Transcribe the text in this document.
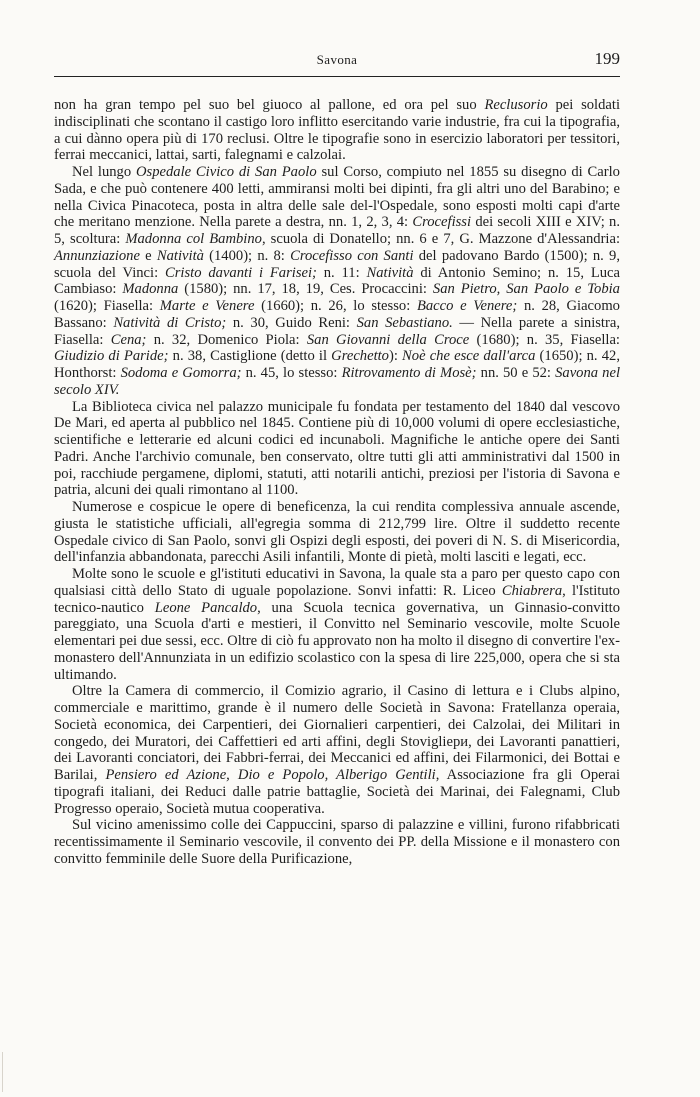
Savona	199

non ha gran tempo pel suo bel giuoco al pallone, ed ora pel suo Reclusorio pei soldati indisciplinati che scontano il castigo loro inflitto esercitando varie industrie, fra cui la tipografia, a cui dànno opera più di 170 reclusi. Oltre le tipografie sono in esercizio laboratori per tessitori, ferrai meccanici, lattai, sarti, falegnami e calzolai.

Nel lungo Ospedale Civico di San Paolo sul Corso, compiuto nel 1855 su disegno di Carlo Sada, e che può contenere 400 letti, ammiransi molti bei dipinti, fra gli altri uno del Barabino; e nella Civica Pinacoteca, posta in altra delle sale del-l'Ospedale, sono esposti molti capi d'arte che meritano menzione. Nella parete a destra, nn. 1, 2, 3, 4: Crocefissi dei secoli XIII e XIV; n. 5, scoltura: Madonna col Bambino, scuola di Donatello; nn. 6 e 7, G. Mazzone d'Alessandria: Annunziazione e Natività (1400); n. 8: Crocefisso con Santi del padovano Bardo (1500); n. 9, scuola del Vinci: Cristo davanti i Farisei; n. 11: Natività di Antonio Semino; n. 15, Luca Cambiaso: Madonna (1580); nn. 17, 18, 19, Ces. Procaccini: San Pietro, San Paolo e Tobia (1620); Fiasella: Marte e Venere (1660); n. 26, lo stesso: Bacco e Venere; n. 28, Giacomo Bassano: Natività di Cristo; n. 30, Guido Reni: San Sebastiano. — Nella parete a sinistra, Fiasella: Cena; n. 32, Domenico Piola: San Giovanni della Croce (1680); n. 35, Fiasella: Giudizio di Paride; n. 38, Castiglione (detto il Grechetto): Noè che esce dall'arca (1650); n. 42, Honthorst: Sodoma e Gomorra; n. 45, lo stesso: Ritrovamento di Mosè; nn. 50 e 52: Savona nel secolo XIV.

La Biblioteca civica nel palazzo municipale fu fondata per testamento del 1840 dal vescovo De Mari, ed aperta al pubblico nel 1845. Contiene più di 10,000 volumi di opere ecclesiastiche, scientifiche e letterarie ed alcuni codici ed incunaboli. Magnifiche le antiche opere dei Santi Padri. Anche l'archivio comunale, ben conservato, oltre tutti gli atti amministrativi dal 1500 in poi, racchiude pergamene, diplomi, statuti, atti notarili antichi, preziosi per l'istoria di Savona e patria, alcuni dei quali rimontano al 1100.

Numerose e cospicue le opere di beneficenza, la cui rendita complessiva annuale ascende, giusta le statistiche ufficiali, all'egregia somma di 212,799 lire. Oltre il suddetto recente Ospedale civico di San Paolo, sonvi gli Ospizi degli esposti, dei poveri di N. S. di Misericordia, dell'infanzia abbandonata, parecchi Asili infantili, Monte di pietà, molti lasciti e legati, ecc.

Molte sono le scuole e gl'istituti educativi in Savona, la quale sta a paro per questo capo con qualsiasi città dello Stato di uguale popolazione. Sonvi infatti: R. Liceo Chiabrera, l'Istituto tecnico-nautico Leone Pancaldo, una Scuola tecnica governativa, un Ginnasio-convitto pareggiato, una Scuola d'arti e mestieri, il Convitto nel Seminario vescovile, molte Scuole elementari pei due sessi, ecc. Oltre di ciò fu approvato non ha molto il disegno di convertire l'ex-monastero dell'Annunziata in un edifizio scolastico con la spesa di lire 225,000, opera che si sta ultimando.

Oltre la Camera di commercio, il Comizio agrario, il Casino di lettura e i Clubs alpino, commerciale e marittimo, grande è il numero delle Società in Savona: Fratellanza operaia, Società economica, dei Carpentieri, dei Giornalieri carpentieri, dei Calzolai, dei Militari in congedo, dei Muratori, dei Caffettieri ed arti affini, degli Stovigliери, dei Lavoranti panattieri, dei Lavoranti conciatori, dei Fabbri-ferrai, dei Meccanici ed affini, dei Filarmonici, dei Bottai e Barilai, Pensiero ed Azione, Dio e Popolo, Alberigo Gentili, Associazione fra gli Operai tipografi italiani, dei Reduci dalle patrie battaglie, Società dei Marinai, dei Falegnami, Club Progresso operaio, Società mutua cooperativa.

Sul vicino amenissimo colle dei Cappuccini, sparso di palazzine e villini, furono rifabbricati recentissimamente il Seminario vescovile, il convento dei PP. della Missione e il monastero con convitto femminile delle Suore della Purificazione,
